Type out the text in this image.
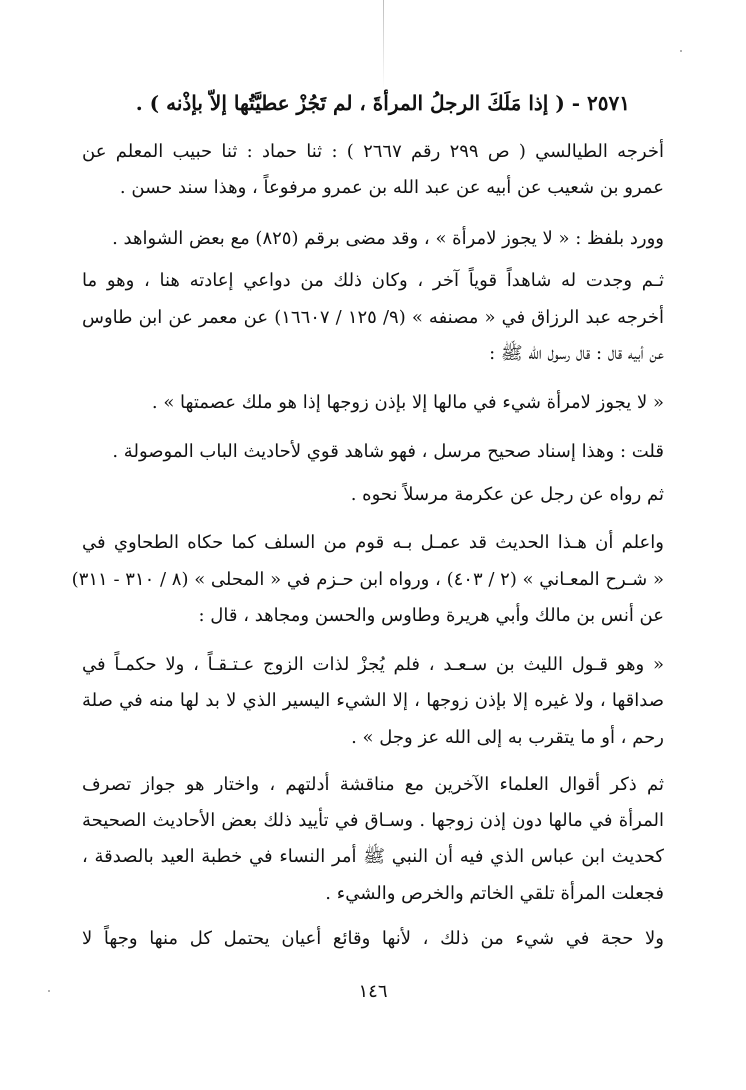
٢٥٧١ - ( إذا مَلَكَ الرجلُ المرأةَ ، لم تَجُزْ عطيَّتُها إلاّ بإذْنه ) .
أخرجه الطيالسي ( ص ٢٩٩ رقم ٢٦٦٧ ) : ثنا حماد : ثنا حبيب المعلم عن
عمرو بن شعيب عن أبيه عن عبد الله بن عمرو مرفوعاً ، وهذا سند حسن .
وورد بلفظ : « لا يجوز لامرأة » ، وقد مضى برقم (٨٢٥) مع بعض الشواهد .
ثـم وجدت له شاهداً قوياً آخر ، وكان ذلك من دواعي إعادته هنا ، وهو ما
أخرجه عبد الرزاق في « مصنفه » (٩/ ١٢٥ / ١٦٦٠٧) عن معمر عن ابن طاوس
عن أبيه قال : قال رسول الله ﷺ :
« لا يجوز لامرأة شيء في مالها إلا بإذن زوجها إذا هو ملك عصمتها » .
قلت : وهذا إسناد صحيح مرسل ، فهو شاهد قوي لأحاديث الباب الموصولة .
ثم رواه عن رجل عن عكرمة مرسلاً نحوه .
واعلم أن هـذا الحديث قد عمـل بـه قوم من السلف كما حكاه الطحاوي في
« شـرح المعـاني » (٢ / ٤٠٣) ، ورواه ابن حـزم في « المحلى » (٨ / ٣١٠ - ٣١١)
عن أنس بن مالك وأبي هريرة وطاوس والحسن ومجاهد ، قال :
« وهو قـول الليث بن سـعـد ، فلم يُجزْ لذات الزوج عـتـقـاً ، ولا حكمـاً في
صداقها ، ولا غيره إلا بإذن زوجها ، إلا الشيء اليسير الذي لا بد لها منه في صلة
رحم ، أو ما يتقرب به إلى الله عز وجل » .
ثم ذكر أقوال العلماء الآخرين مع مناقشة أدلتهم ، واختار هو جواز تصرف
المرأة في مالها دون إذن زوجها . وسـاق في تأييد ذلك بعض الأحاديث الصحيحة
كحديث ابن عباس الذي فيه أن النبي ﷺ أمر النساء في خطبة العيد بالصدقة ،
فجعلت المرأة تلقي الخاتم والخرص والشيء .
ولا حجة في شيء من ذلك ، لأنها وقائع أعيان يحتمل كل منها وجهاً لا
١٤٦
